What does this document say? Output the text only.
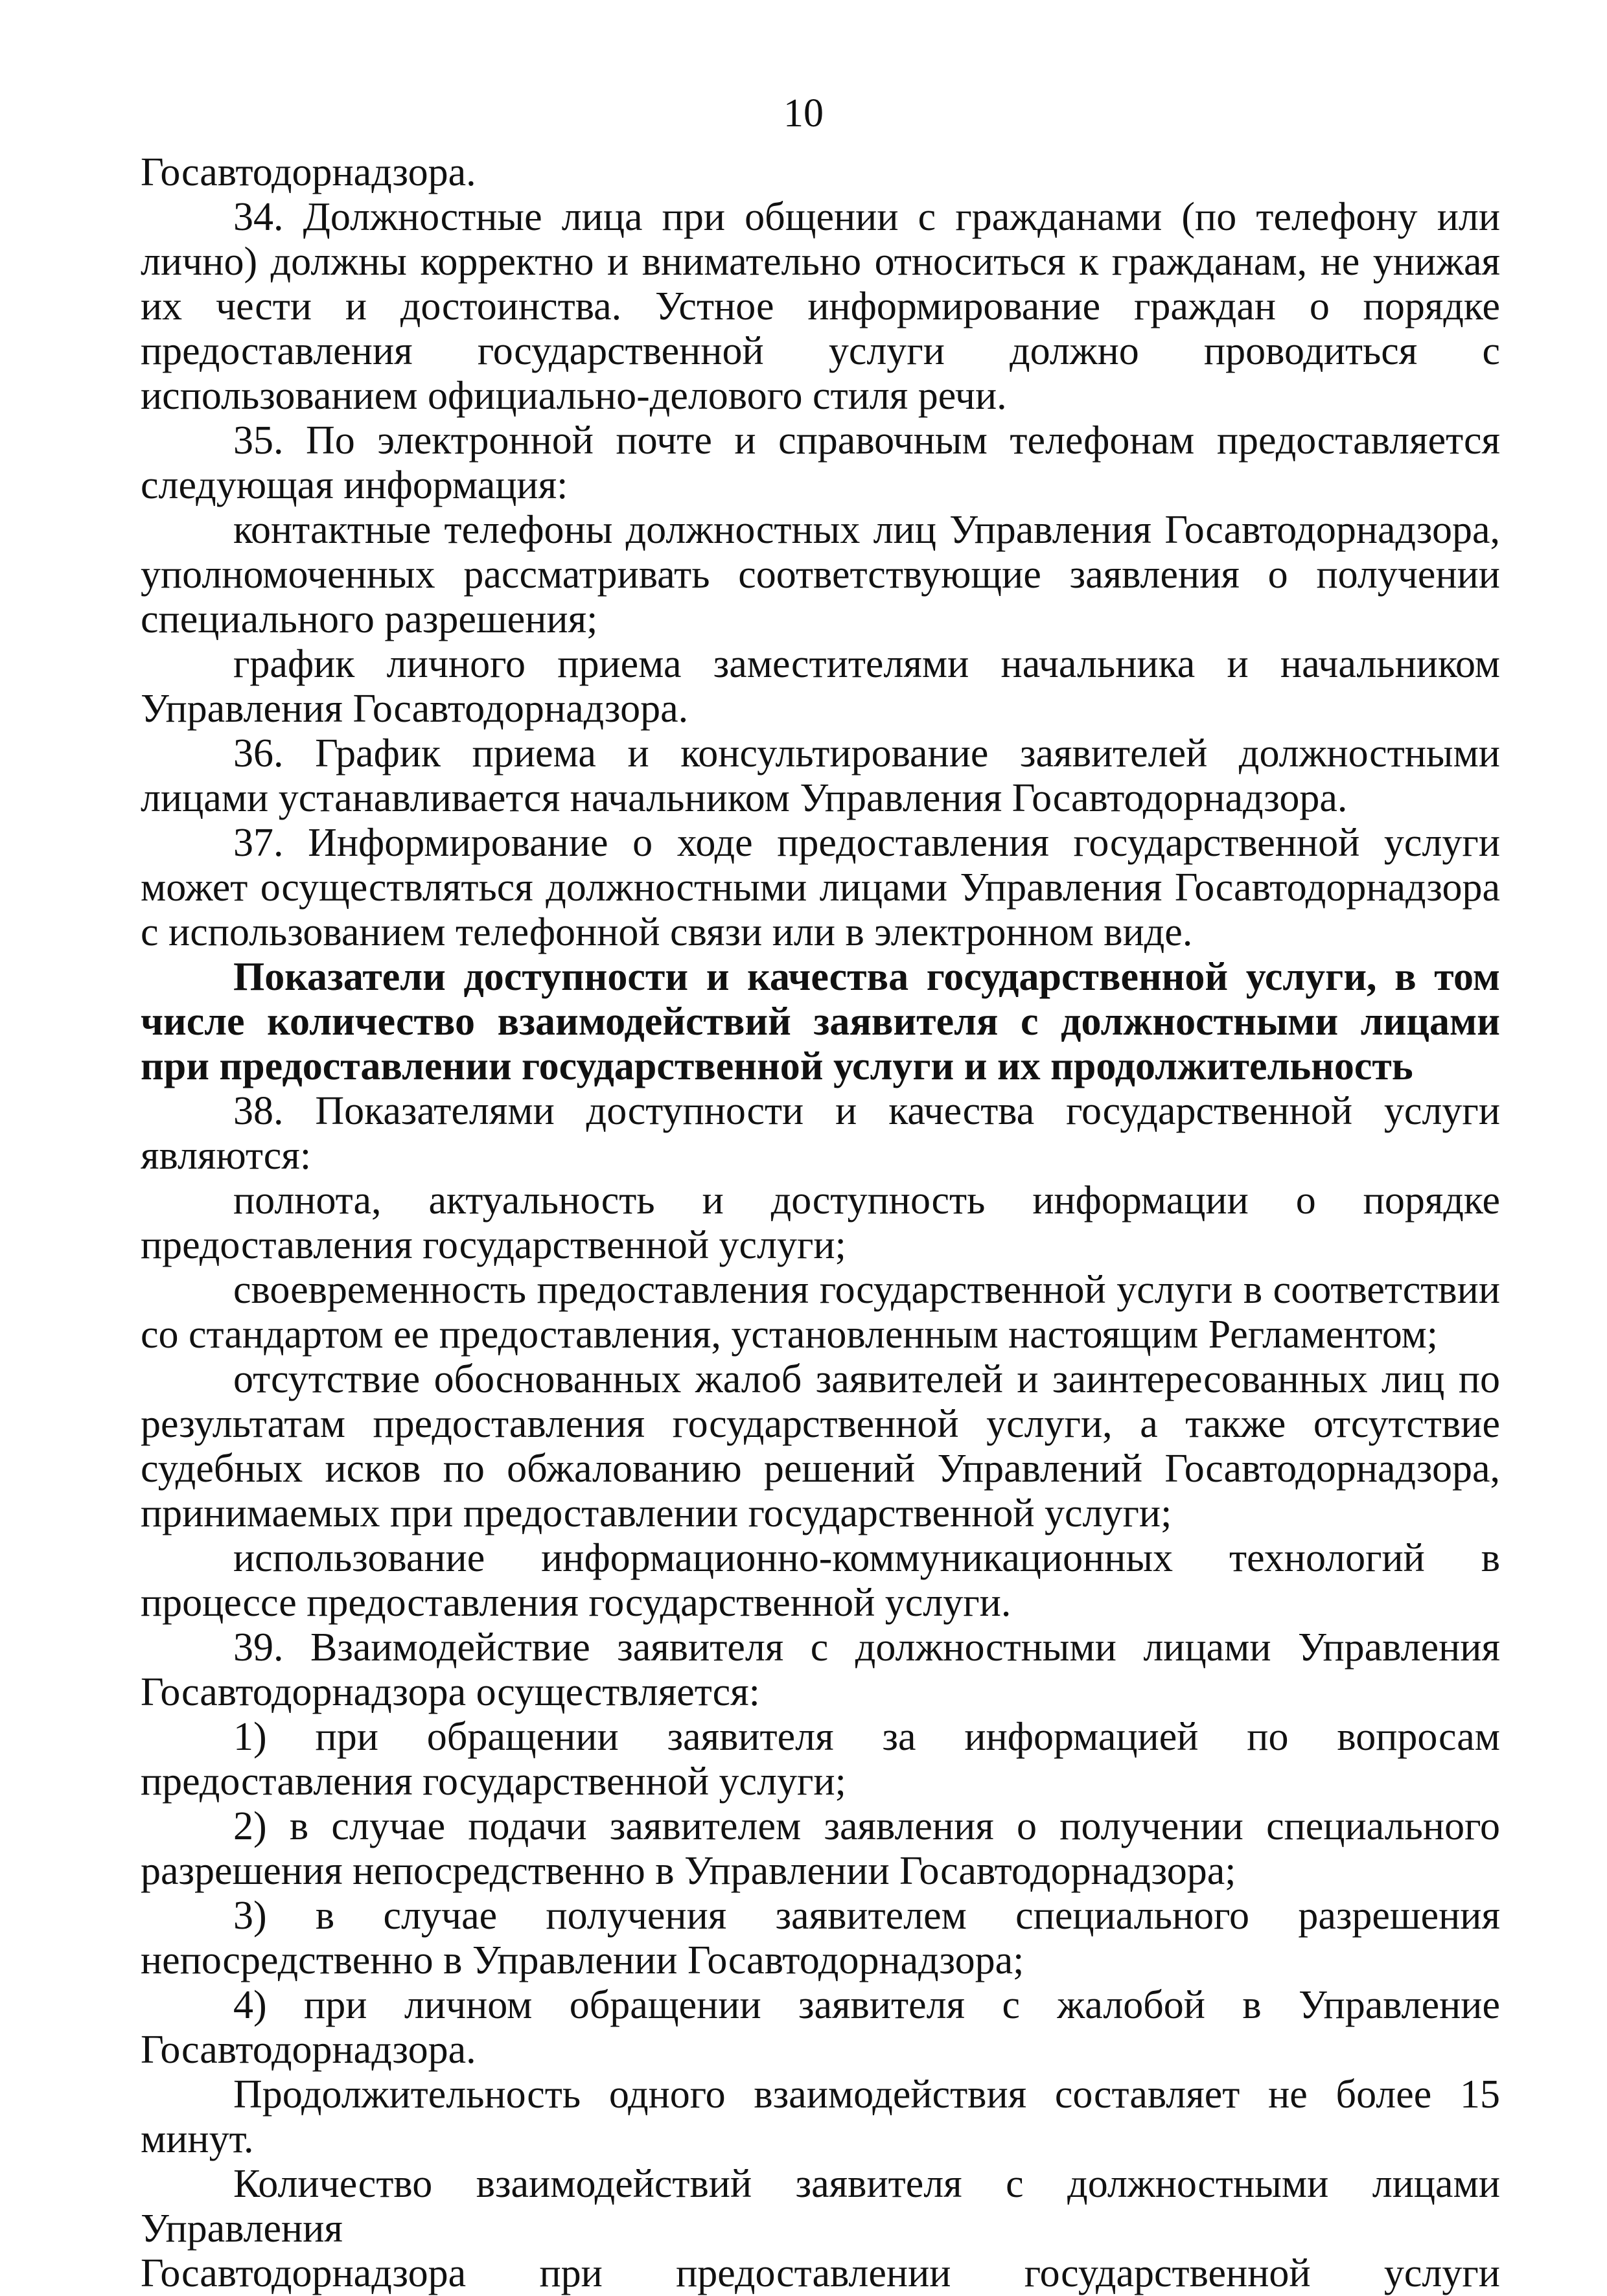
10

Госавтодорнадзора.

34. Должностные лица при общении с гражданами (по телефону или лично) должны корректно и внимательно относиться к гражданам, не унижая их чести и достоинства. Устное информирование граждан о порядке предоставления государственной услуги должно проводиться с использованием официально-делового стиля речи.

35. По электронной почте и справочным телефонам предоставляется следующая информация:

контактные телефоны должностных лиц Управления Госавтодорнадзора, уполномоченных рассматривать соответствующие заявления о получении специального разрешения;

график личного приема заместителями начальника и начальником Управления Госавтодорнадзора.

36. График приема и консультирование заявителей должностными лицами устанавливается начальником Управления Госавтодорнадзора.

37. Информирование о ходе предоставления государственной услуги может осуществляться должностными лицами Управления Госавтодорнадзора с использованием телефонной связи или в электронном виде.

Показатели доступности и качества государственной услуги, в том числе количество взаимодействий заявителя с должностными лицами при предоставлении государственной услуги и их продолжительность

38. Показателями доступности и качества государственной услуги являются:

полнота, актуальность и доступность информации о порядке предоставления государственной услуги;

своевременность предоставления государственной услуги в соответствии со стандартом ее предоставления, установленным настоящим Регламентом;

отсутствие обоснованных жалоб заявителей и заинтересованных лиц по результатам предоставления государственной услуги, а также отсутствие судебных исков по обжалованию решений Управлений Госавтодорнадзора, принимаемых при предоставлении государственной услуги;

использование информационно-коммуникационных технологий в процессе предоставления государственной услуги.

39. Взаимодействие заявителя с должностными лицами Управления Госавтодорнадзора осуществляется:

1) при обращении заявителя за информацией по вопросам предоставления государственной услуги;

2) в случае подачи заявителем заявления о получении специального разрешения непосредственно в Управлении Госавтодорнадзора;

3) в случае получения заявителем специального разрешения непосредственно в Управлении Госавтодорнадзора;

4) при личном обращении заявителя с жалобой в Управление Госавтодорнадзора.

Продолжительность одного взаимодействия составляет не более 15 минут.

Количество взаимодействий заявителя с должностными лицами Управления

Госавтодорнадзора при предоставлении государственной услуги
